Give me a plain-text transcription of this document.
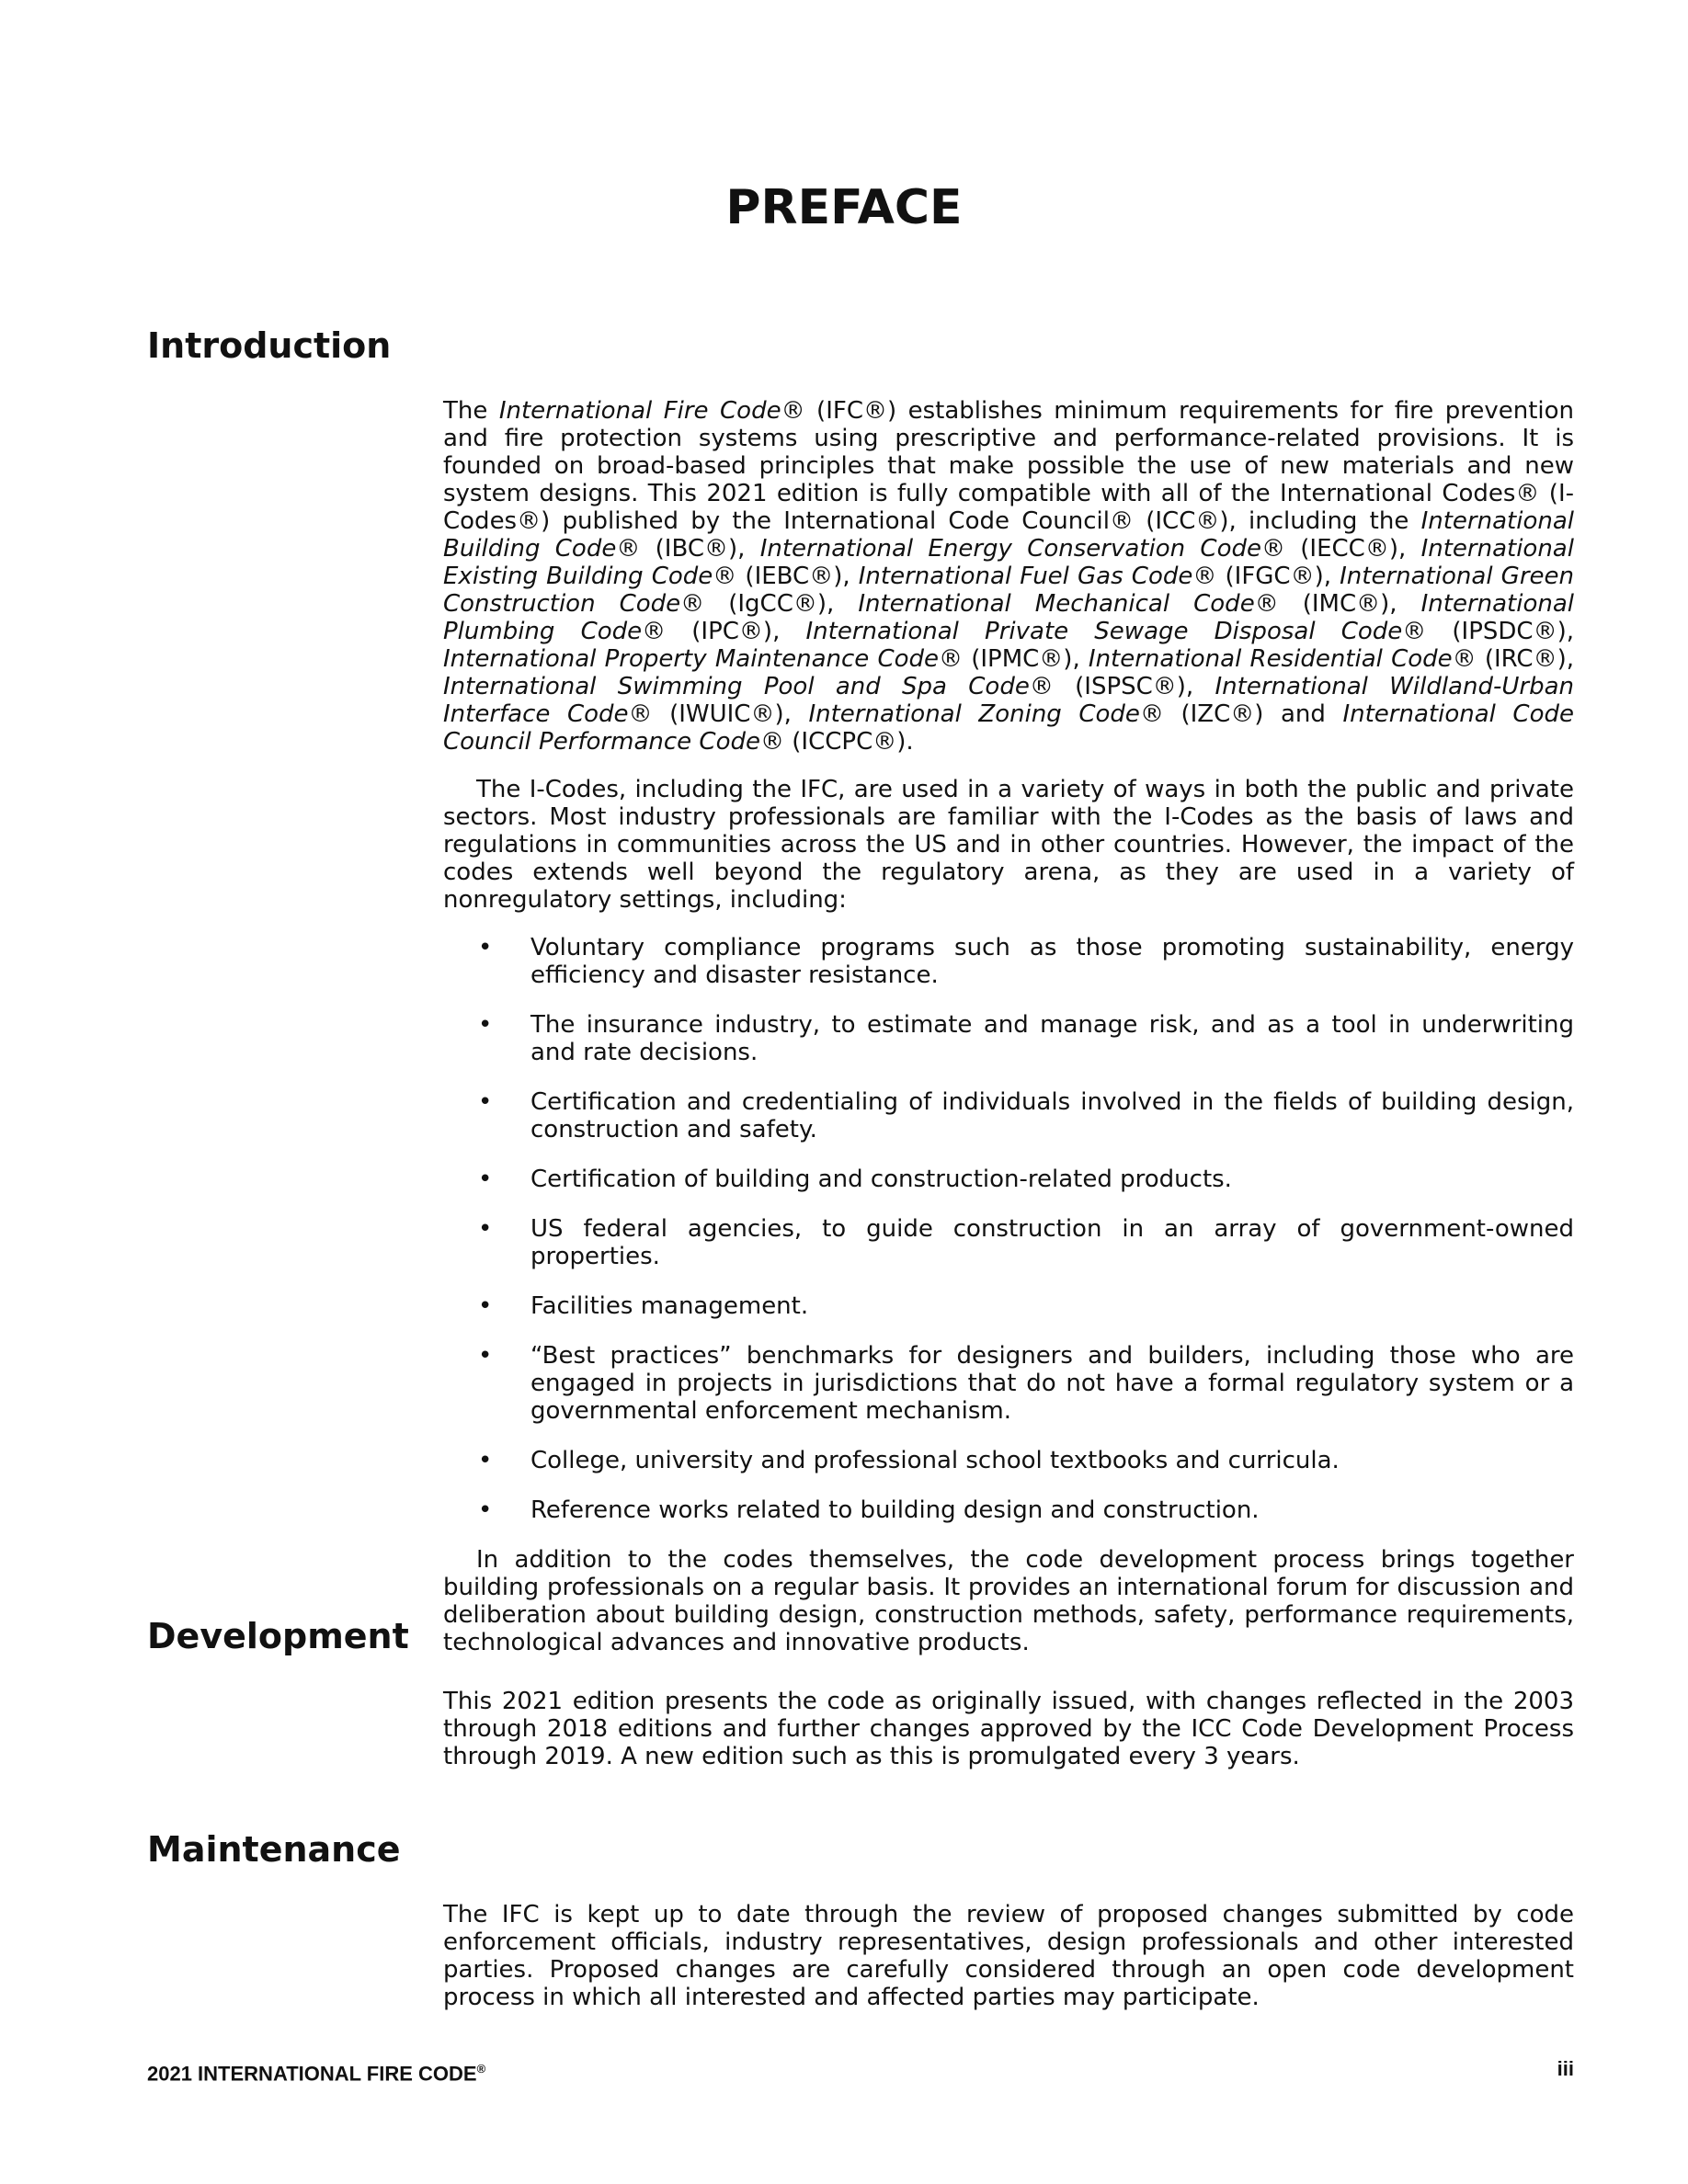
PREFACE
Introduction

The International Fire Code® (IFC®) establishes minimum requirements for fire prevention and fire protection systems using prescriptive and performance-related provisions. It is founded on broad-based principles that make possible the use of new materials and new system designs. This 2021 edition is fully compatible with all of the International Codes® (I-Codes®) published by the International Code Council® (ICC®), including the International Building Code® (IBC®), International Energy Conservation Code® (IECC®), International Existing Building Code® (IEBC®), International Fuel Gas Code® (IFGC®), International Green Construction Code® (IgCC®), International Mechanical Code® (IMC®), International Plumbing Code® (IPC®), International Private Sewage Disposal Code® (IPSDC®), International Property Maintenance Code® (IPMC®), International Residential Code® (IRC®), International Swimming Pool and Spa Code® (ISPSC®), International Wildland-Urban Interface Code® (IWUIC®), International Zoning Code® (IZC®) and International Code Council Performance Code® (ICCPC®).

The I-Codes, including the IFC, are used in a variety of ways in both the public and private sectors. Most industry professionals are familiar with the I-Codes as the basis of laws and regulations in communities across the US and in other countries. However, the impact of the codes extends well beyond the regulatory arena, as they are used in a variety of nonregulatory settings, including:

• Voluntary compliance programs such as those promoting sustainability, energy efficiency and disaster resistance.
• The insurance industry, to estimate and manage risk, and as a tool in underwriting and rate decisions.
• Certification and credentialing of individuals involved in the fields of building design, construction and safety.
• Certification of building and construction-related products.
• US federal agencies, to guide construction in an array of government-owned properties.
• Facilities management.
• “Best practices” benchmarks for designers and builders, including those who are engaged in projects in jurisdictions that do not have a formal regulatory system or a governmental enforcement mechanism.
• College, university and professional school textbooks and curricula.
• Reference works related to building design and construction.

In addition to the codes themselves, the code development process brings together building professionals on a regular basis. It provides an international forum for discussion and deliberation about building design, construction methods, safety, performance requirements, technological advances and innovative products.

Development

This 2021 edition presents the code as originally issued, with changes reflected in the 2003 through 2018 editions and further changes approved by the ICC Code Development Process through 2019. A new edition such as this is promulgated every 3 years.

Maintenance

The IFC is kept up to date through the review of proposed changes submitted by code enforcement officials, industry representatives, design professionals and other interested parties. Proposed changes are carefully considered through an open code development process in which all interested and affected parties may participate.

2021 INTERNATIONAL FIRE CODE®	iii
